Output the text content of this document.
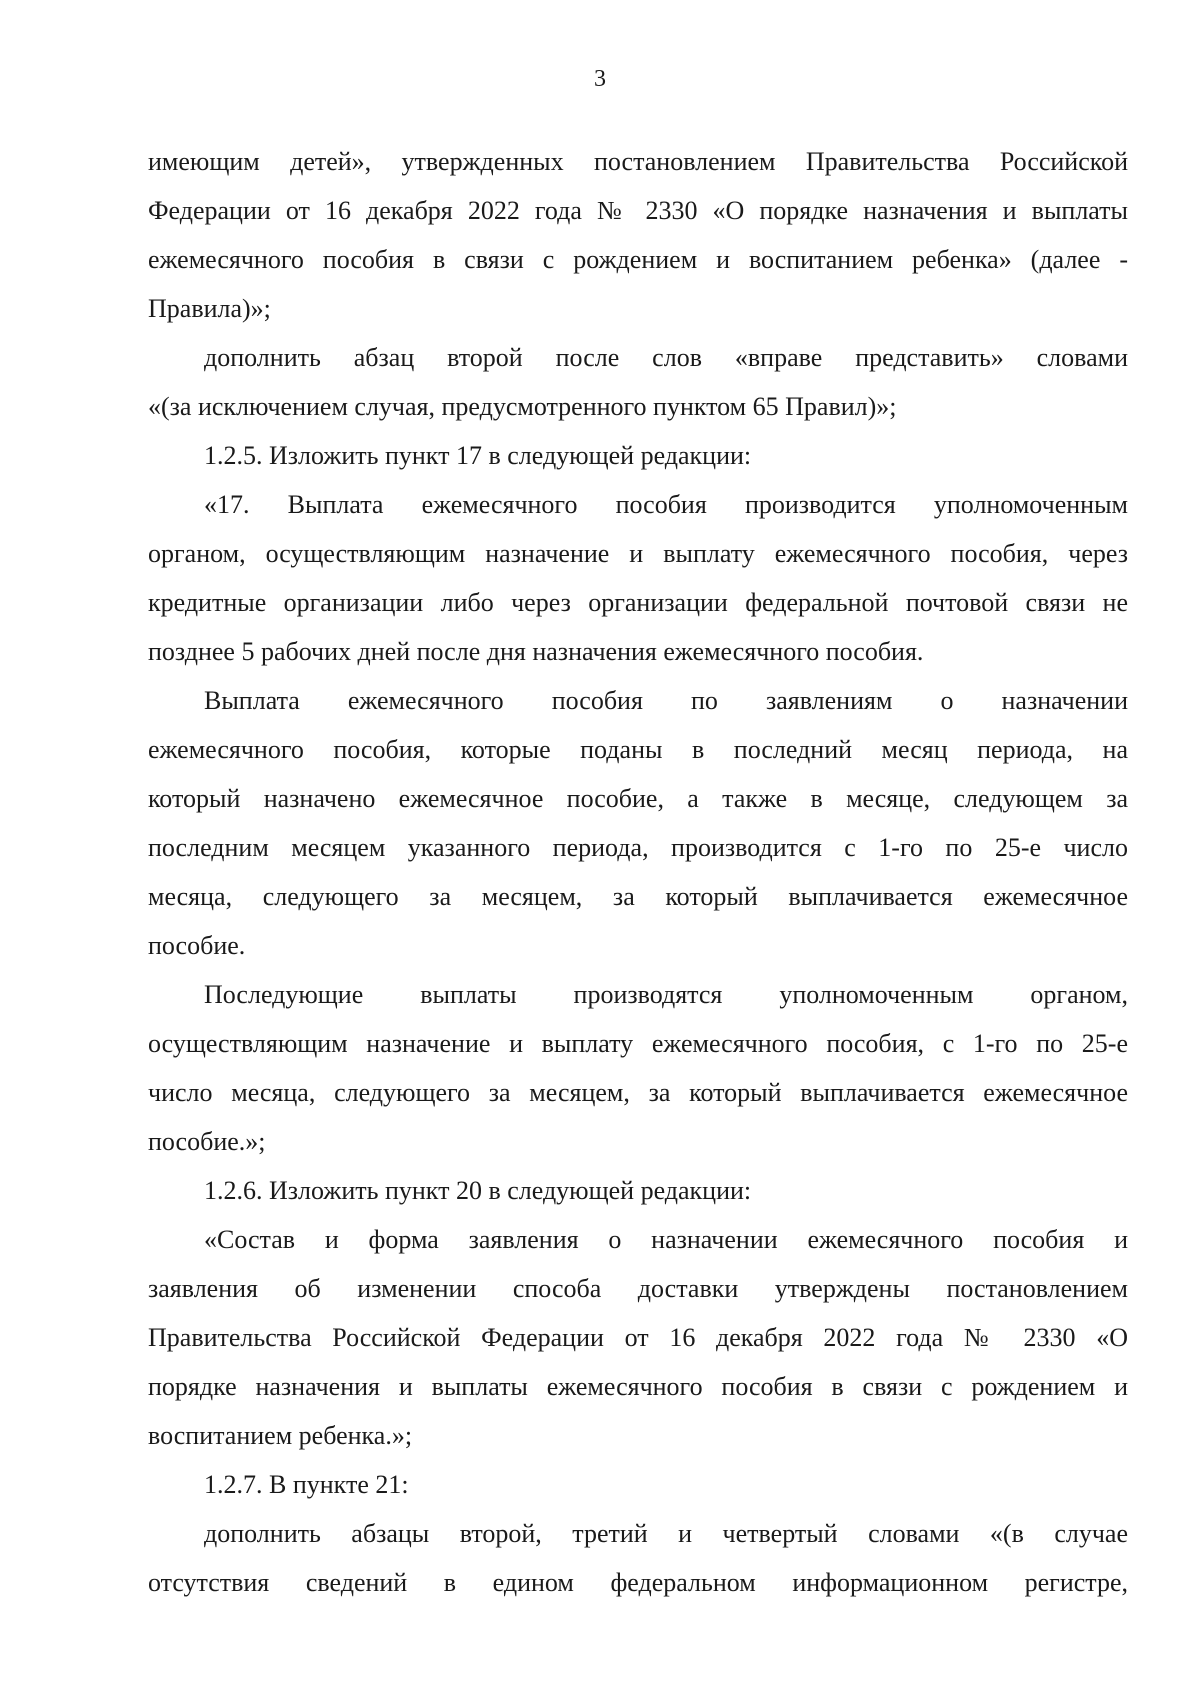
3
имеющим детей», утвержденных постановлением Правительства Российской
Федерации от 16 декабря 2022 года № 2330 «О порядке назначения и выплаты
ежемесячного пособия в связи с рождением и воспитанием ребенка» (далее -
Правила)»;
дополнить абзац второй после слов «вправе представить» словами
«(за исключением случая, предусмотренного пунктом 65 Правил)»;
1.2.5. Изложить пункт 17 в следующей редакции:
«17. Выплата ежемесячного пособия производится уполномоченным
органом, осуществляющим назначение и выплату ежемесячного пособия, через
кредитные организации либо через организации федеральной почтовой связи не
позднее 5 рабочих дней после дня назначения ежемесячного пособия.
Выплата ежемесячного пособия по заявлениям о назначении
ежемесячного пособия, которые поданы в последний месяц периода, на
который назначено ежемесячное пособие, а также в месяце, следующем за
последним месяцем указанного периода, производится с 1-го по 25-е число
месяца, следующего за месяцем, за который выплачивается ежемесячное
пособие.
Последующие выплаты производятся уполномоченным органом,
осуществляющим назначение и выплату ежемесячного пособия, с 1-го по 25-е
число месяца, следующего за месяцем, за который выплачивается ежемесячное
пособие.»;
1.2.6. Изложить пункт 20 в следующей редакции:
«Состав и форма заявления о назначении ежемесячного пособия и
заявления об изменении способа доставки утверждены постановлением
Правительства Российской Федерации от 16 декабря 2022 года № 2330 «О
порядке назначения и выплаты ежемесячного пособия в связи с рождением и
воспитанием ребенка.»;
1.2.7. В пункте 21:
дополнить абзацы второй, третий и четвертый словами «(в случае
отсутствия сведений в едином федеральном информационном регистре,
